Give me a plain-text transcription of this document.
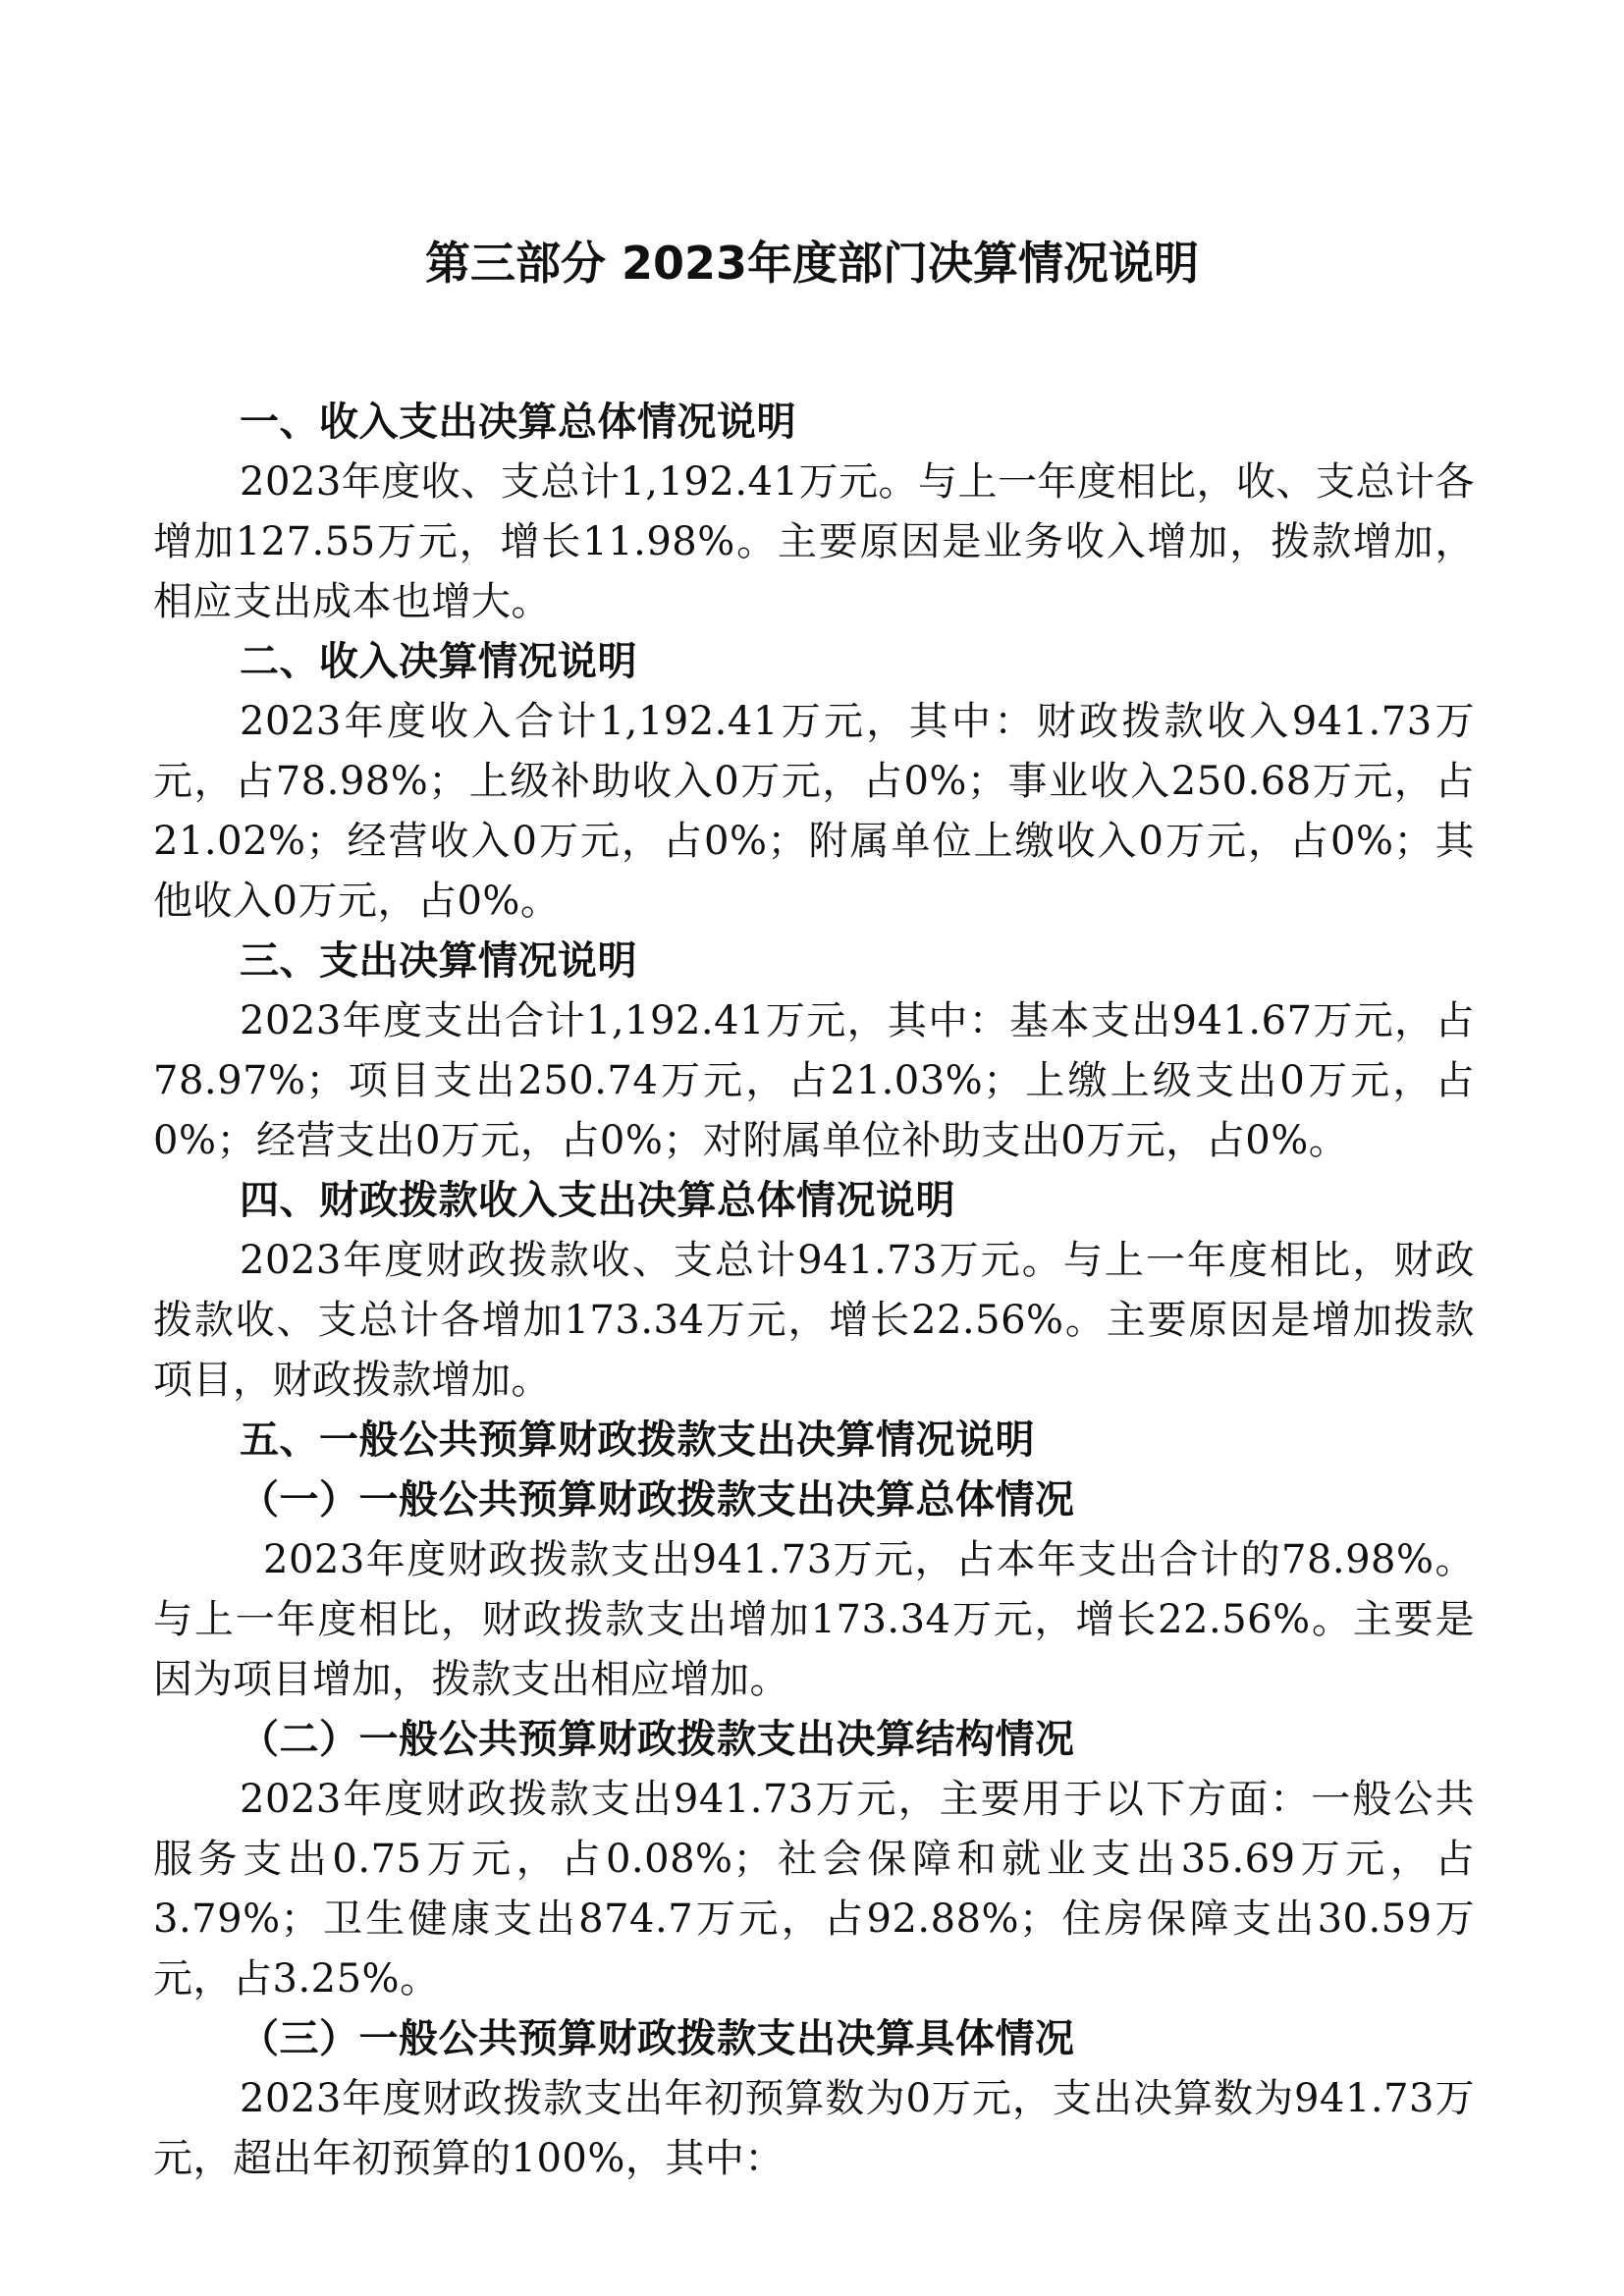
第三部分 2023年度部门决算情况说明
一、收入支出决算总体情况说明
2023年度收、支总计1,192.41万元。与上一年度相比，收、支总计各增加127.55万元，增长11.98%。主要原因是业务收入增加，拨款增加，相应支出成本也增大。
二、收入决算情况说明
2023年度收入合计1,192.41万元，其中：财政拨款收入941.73万元，占78.98%；上级补助收入0万元，占0%；事业收入250.68万元，占21.02%；经营收入0万元，占0%；附属单位上缴收入0万元，占0%；其他收入0万元，占0%。
三、支出决算情况说明
2023年度支出合计1,192.41万元，其中：基本支出941.67万元，占78.97%；项目支出250.74万元，占21.03%；上缴上级支出0万元，占0%；经营支出0万元，占0%；对附属单位补助支出0万元，占0%。
四、财政拨款收入支出决算总体情况说明
2023年度财政拨款收、支总计941.73万元。与上一年度相比，财政拨款收、支总计各增加173.34万元，增长22.56%。主要原因是增加拨款项目，财政拨款增加。
五、一般公共预算财政拨款支出决算情况说明
（一）一般公共预算财政拨款支出决算总体情况
2023年度财政拨款支出941.73万元，占本年支出合计的78.98%。与上一年度相比，财政拨款支出增加173.34万元，增长22.56%。主要是因为项目增加，拨款支出相应增加。
（二）一般公共预算财政拨款支出决算结构情况
2023年度财政拨款支出941.73万元，主要用于以下方面：一般公共服务支出0.75万元，占0.08%；社会保障和就业支出35.69万元，占3.79%；卫生健康支出874.7万元，占92.88%；住房保障支出30.59万元，占3.25%。
（三）一般公共预算财政拨款支出决算具体情况
2023年度财政拨款支出年初预算数为0万元，支出决算数为941.73万元，超出年初预算的100%，其中：
